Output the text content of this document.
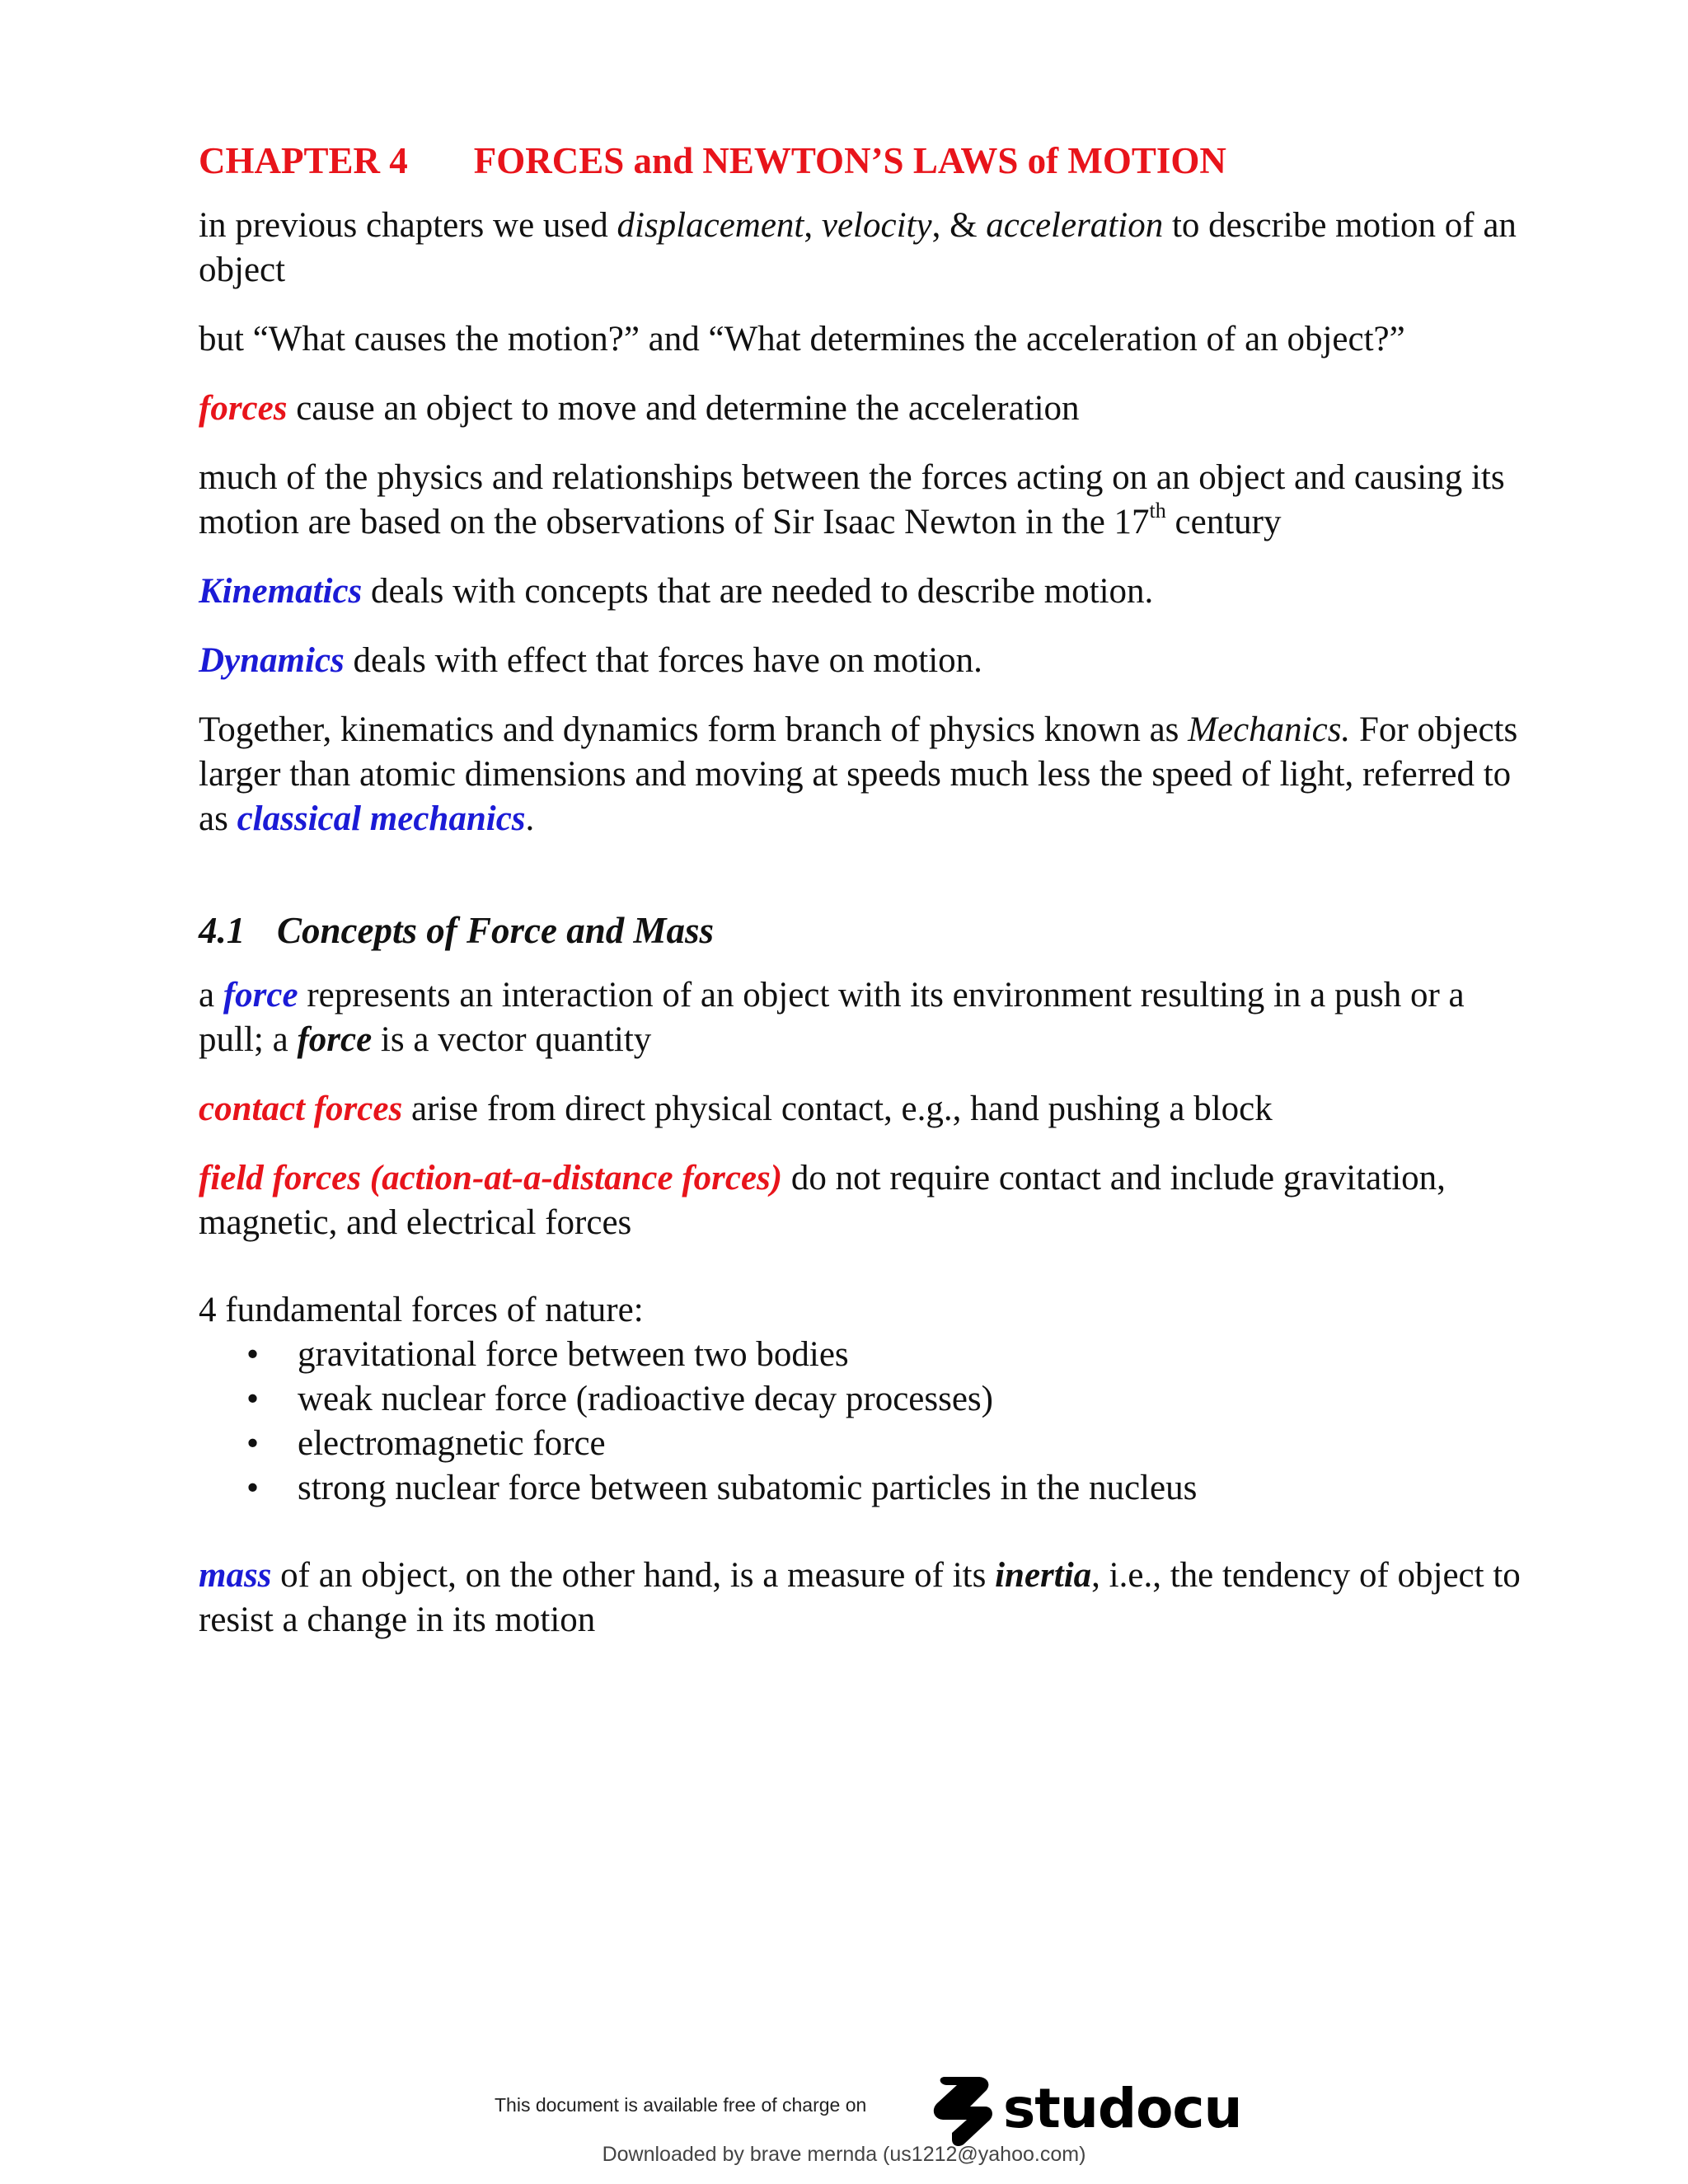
CHAPTER 4 FORCES and NEWTON’S LAWS of MOTION

in previous chapters we used displacement, velocity, & acceleration to describe motion of an object

but “What causes the motion?” and “What determines the acceleration of an object?”

forces cause an object to move and determine the acceleration

much of the physics and relationships between the forces acting on an object and causing its motion are based on the observations of Sir Isaac Newton in the 17th century

Kinematics deals with concepts that are needed to describe motion.

Dynamics deals with effect that forces have on motion.

Together, kinematics and dynamics form branch of physics known as Mechanics. For objects larger than atomic dimensions and moving at speeds much less the speed of light, referred to as classical mechanics.

4.1 Concepts of Force and Mass

a force represents an interaction of an object with its environment resulting in a push or a pull; a force is a vector quantity

contact forces arise from direct physical contact, e.g., hand pushing a block

field forces (action-at-a-distance forces) do not require contact and include gravitation, magnetic, and electrical forces

4 fundamental forces of nature:
• gravitational force between two bodies
• weak nuclear force (radioactive decay processes)
• electromagnetic force
• strong nuclear force between subatomic particles in the nucleus

mass of an object, on the other hand, is a measure of its inertia, i.e., the tendency of object to resist a change in its motion

This document is available free of charge on	studocu
Downloaded by brave mernda (us1212@yahoo.com)
